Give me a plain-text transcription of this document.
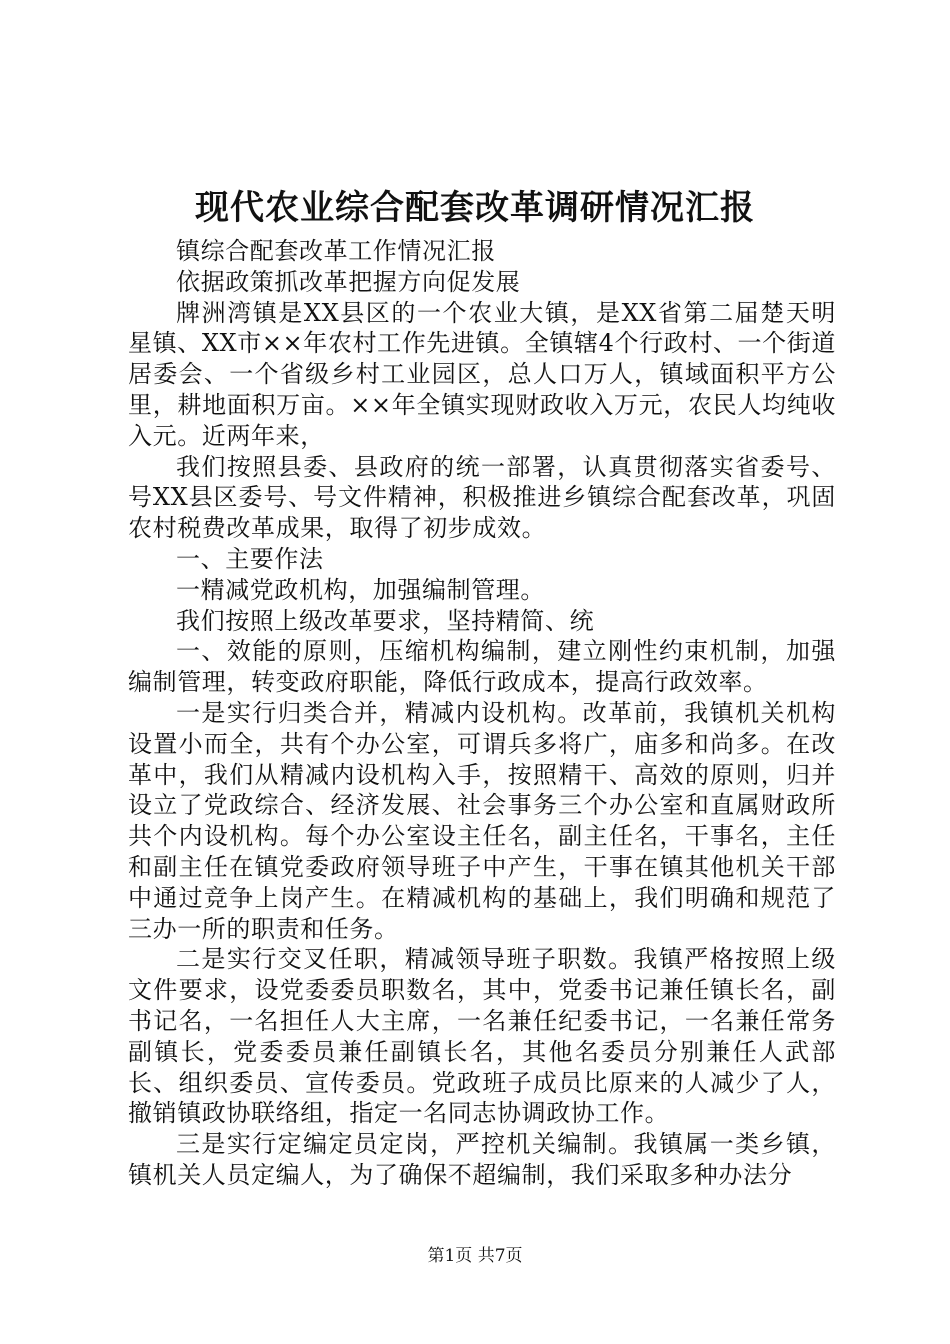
现代农业综合配套改革调研情况汇报

镇综合配套改革工作情况汇报

依据政策抓改革把握方向促发展

牌洲湾镇是XX县区的一个农业大镇，是XX省第二届楚天明星镇、XX市××年农村工作先进镇。全镇辖4个行政村、一个街道居委会、一个省级乡村工业园区，总人口万人，镇域面积平方公里，耕地面积万亩。××年全镇实现财政收入万元，农民人均纯收入元。近两年来，

我们按照县委、县政府的统一部署，认真贯彻落实省委号、号XX县区委号、号文件精神，积极推进乡镇综合配套改革，巩固农村税费改革成果，取得了初步成效。

一、主要作法

一精减党政机构，加强编制管理。

我们按照上级改革要求，坚持精简、统

一、效能的原则，压缩机构编制，建立刚性约束机制，加强编制管理，转变政府职能，降低行政成本，提高行政效率。

一是实行归类合并，精减内设机构。改革前，我镇机关机构设置小而全，共有个办公室，可谓兵多将广，庙多和尚多。在改革中，我们从精减内设机构入手，按照精干、高效的原则，归并设立了党政综合、经济发展、社会事务三个办公室和直属财政所共个内设机构。每个办公室设主任名，副主任名，干事名，主任和副主任在镇党委政府领导班子中产生，干事在镇其他机关干部中通过竞争上岗产生。在精减机构的基础上，我们明确和规范了三办一所的职责和任务。

二是实行交叉任职，精减领导班子职数。我镇严格按照上级文件要求，设党委委员职数名，其中，党委书记兼任镇长名，副书记名，一名担任人大主席，一名兼任纪委书记，一名兼任常务副镇长，党委委员兼任副镇长名，其他名委员分别兼任人武部长、组织委员、宣传委员。党政班子成员比原来的人减少了人，撤销镇政协联络组，指定一名同志协调政协工作。

三是实行定编定员定岗，严控机关编制。我镇属一类乡镇，镇机关人员定编人，为了确保不超编制，我们采取多种办法分

第1页 共7页
